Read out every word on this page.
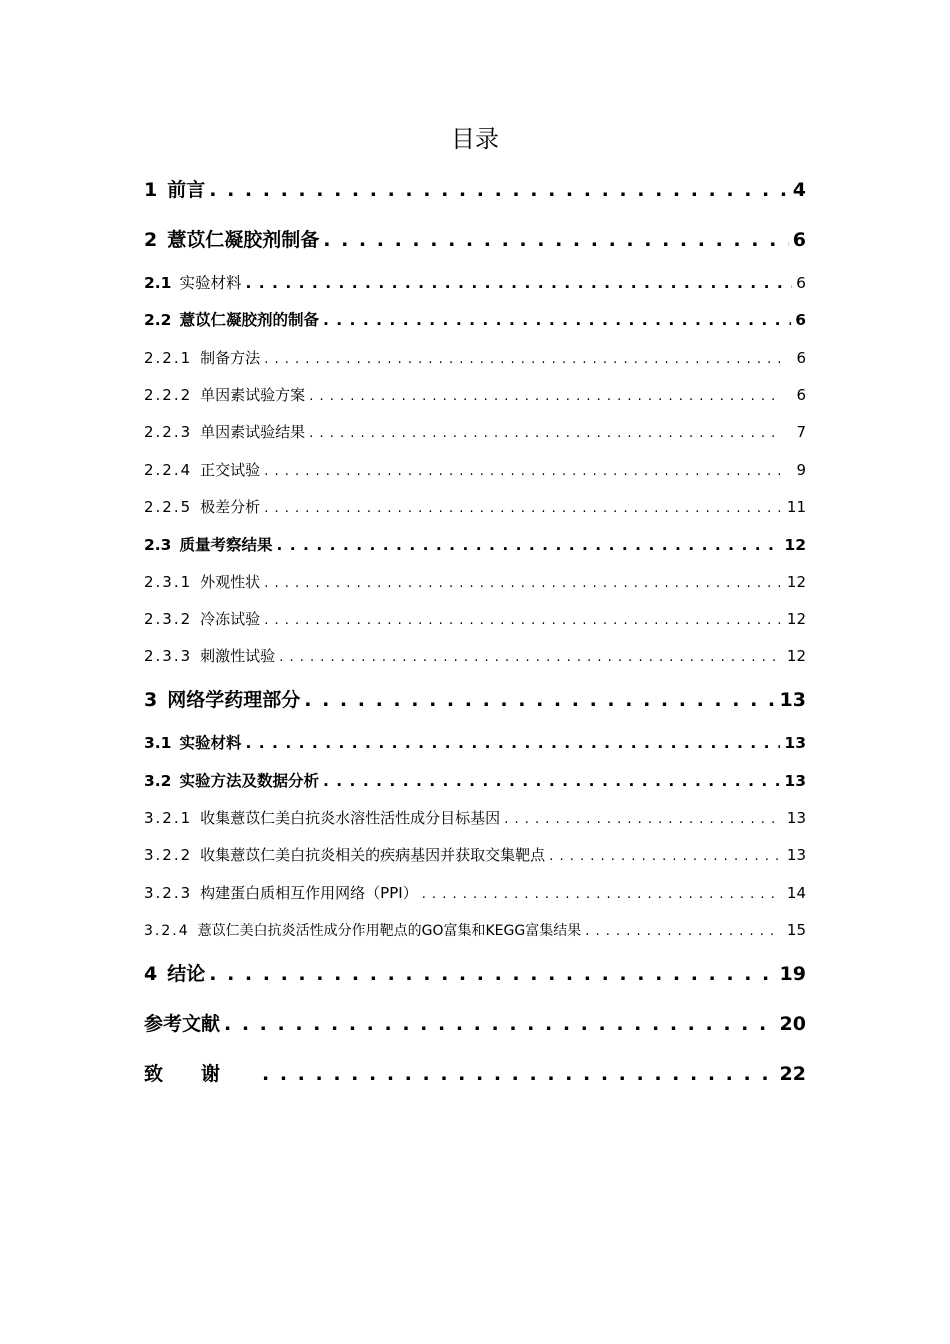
目录
1 前言 . . .	4
2 薏苡仁凝胶剂制备 . . .	6
2.1 实验材料 . . .	6
2.2 薏苡仁凝胶剂的制备 . . .	6
2.2.1 制备方法 . . .	6
2.2.2 单因素试验方案 . . .	6
2.2.3 单因素试验结果 . . .	7
2.2.4 正交试验 . . .	9
2.2.5 极差分析 . . .	11
2.3 质量考察结果 . . .	12
2.3.1 外观性状 . . .	12
2.3.2 冷冻试验 . . .	12
2.3.3 刺激性试验 . . .	12
3 网络学药理部分 . . .	13
3.1 实验材料 . . .	13
3.2 实验方法及数据分析 . . .	13
3.2.1 收集薏苡仁美白抗炎水溶性活性成分目标基因 . . .	13
3.2.2 收集薏苡仁美白抗炎相关的疾病基因并获取交集靶点 . . .	13
3.2.3 构建蛋白质相互作用网络（PPI） . . .	14
3.2.4 薏苡仁美白抗炎活性成分作用靶点的GO富集和KEGG富集结果 . . .	15
4 结论 . . .	19
参考文献 . . .	20
致谢 . . .	22
